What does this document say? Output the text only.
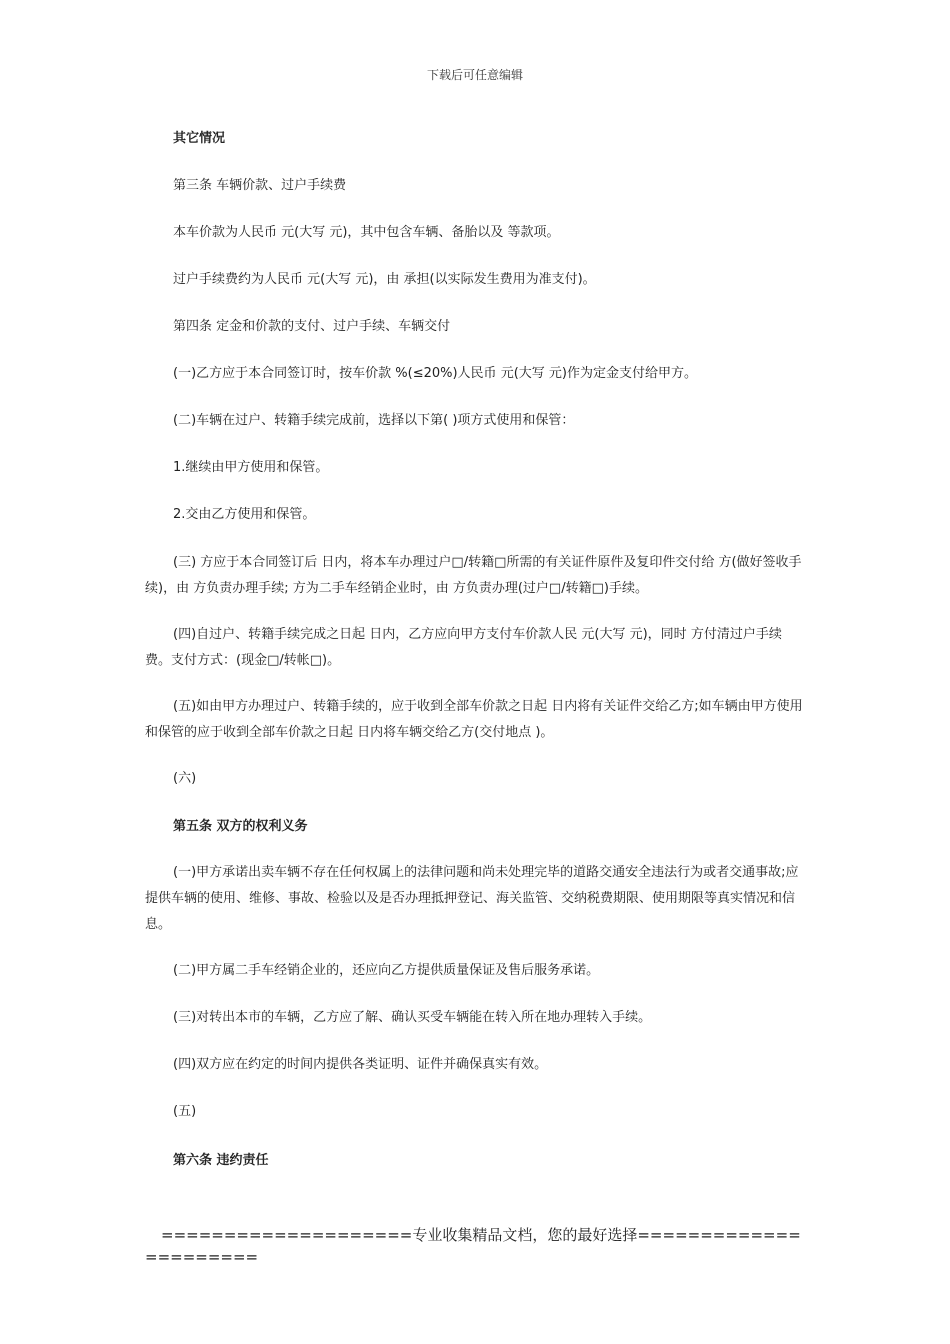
下载后可任意编辑

其它情况

第三条 车辆价款、过户手续费

本车价款为人民币 元(大写 元)，其中包含车辆、备胎以及 等款项。

过户手续费约为人民币 元(大写 元)，由 承担(以实际发生费用为准支付)。

第四条 定金和价款的支付、过户手续、车辆交付

(一)乙方应于本合同签订时，按车价款 %(≤20%)人民币 元(大写 元)作为定金支付给甲方。

(二)车辆在过户、转籍手续完成前，选择以下第( )项方式使用和保管：

1.继续由甲方使用和保管。

2.交由乙方使用和保管。

(三) 方应于本合同签订后 日内，将本车办理过户□/转籍□所需的有关证件原件及复印件交付给 方(做好签收手续)，由 方负责办理手续; 方为二手车经销企业时，由 方负责办理(过户□/转籍□)手续。

(四)自过户、转籍手续完成之日起 日内，乙方应向甲方支付车价款人民 元(大写 元)，同时 方付清过户手续费。支付方式：(现金□/转帐□)。

(五)如由甲方办理过户、转籍手续的，应于收到全部车价款之日起 日内将有关证件交给乙方;如车辆由甲方使用和保管的应于收到全部车价款之日起 日内将车辆交给乙方(交付地点 )。

(六)

第五条 双方的权利义务

(一)甲方承诺出卖车辆不存在任何权属上的法律问题和尚未处理完毕的道路交通安全违法行为或者交通事故;应提供车辆的使用、维修、事故、检验以及是否办理抵押登记、海关监管、交纳税费期限、使用期限等真实情况和信息。

(二)甲方属二手车经销企业的，还应向乙方提供质量保证及售后服务承诺。

(三)对转出本市的车辆，乙方应了解、确认买受车辆能在转入所在地办理转入手续。

(四)双方应在约定的时间内提供各类证明、证件并确保真实有效。

(五)

第六条 违约责任

====================专业收集精品文档，您的最好选择======================
